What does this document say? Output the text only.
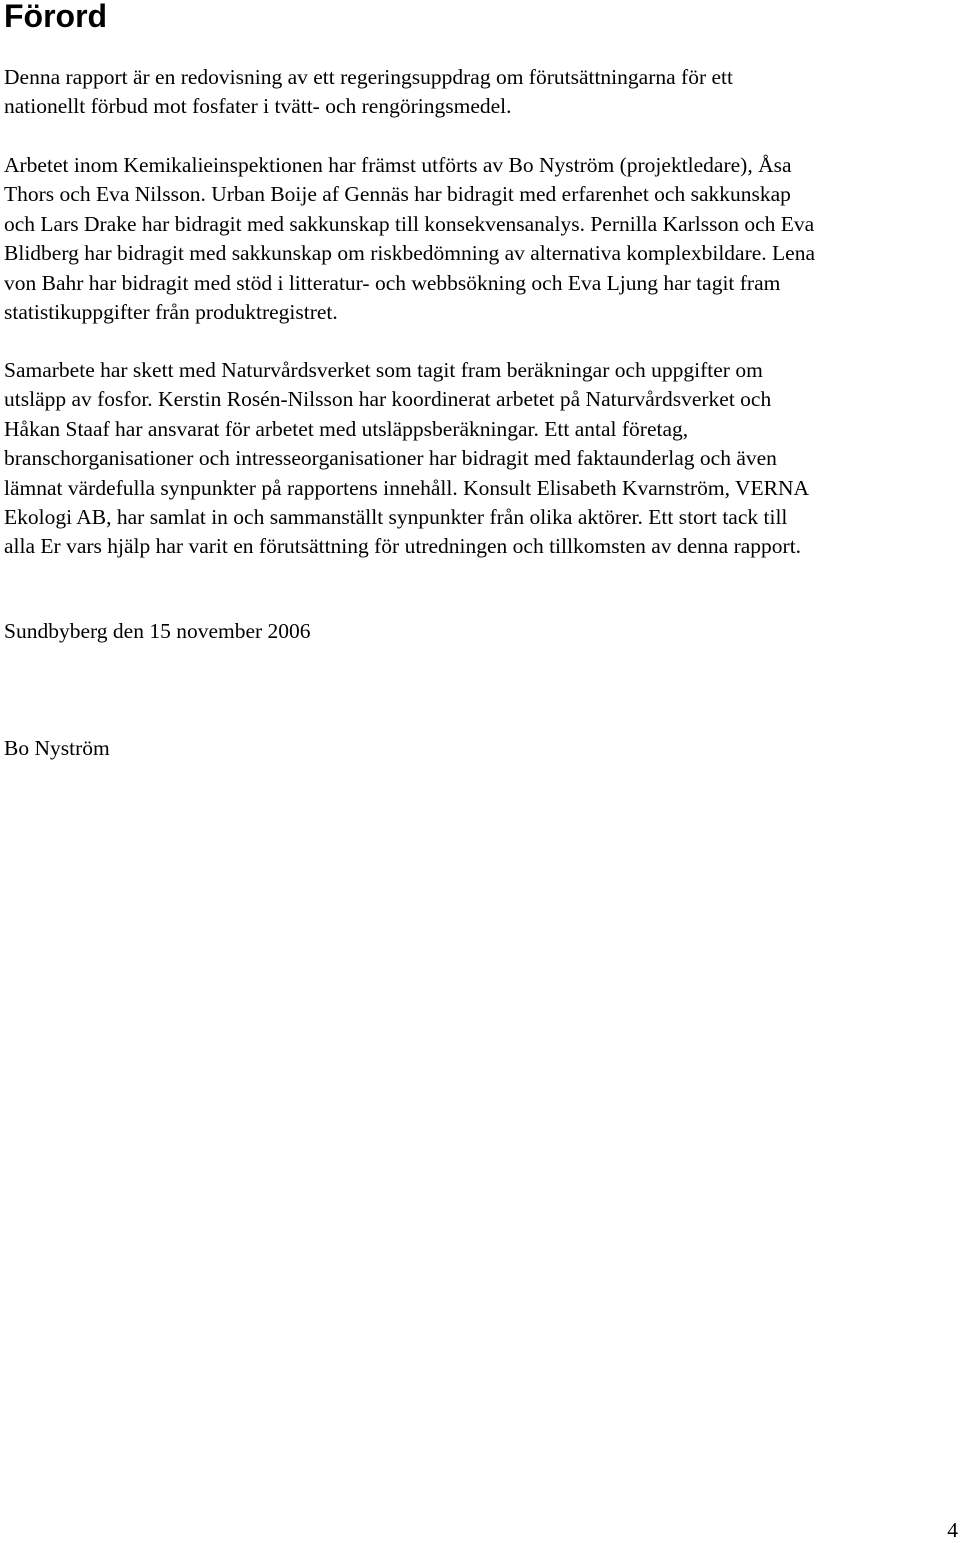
Förord

Denna rapport är en redovisning av ett regeringsuppdrag om förutsättningarna för ett
nationellt förbud mot fosfater i tvätt- och rengöringsmedel.

Arbetet inom Kemikalieinspektionen har främst utförts av Bo Nyström (projektledare), Åsa
Thors och Eva Nilsson. Urban Boije af Gennäs har bidragit med erfarenhet och sakkunskap
och Lars Drake har bidragit med sakkunskap till konsekvensanalys. Pernilla Karlsson och Eva
Blidberg har bidragit med sakkunskap om riskbedömning av alternativa komplexbildare. Lena
von Bahr har bidragit med stöd i litteratur- och webbsökning och Eva Ljung har tagit fram
statistikuppgifter från produktregistret.

Samarbete har skett med Naturvårdsverket som tagit fram beräkningar och uppgifter om
utsläpp av fosfor. Kerstin Rosén-Nilsson har koordinerat arbetet på Naturvårdsverket och
Håkan Staaf har ansvarat för arbetet med utsläppsberäkningar. Ett antal företag,
branschorganisationer och intresseorganisationer har bidragit med faktaunderlag och även
lämnat värdefulla synpunkter på rapportens innehåll. Konsult Elisabeth Kvarnström, VERNA
Ekologi AB, har samlat in och sammanställt synpunkter från olika aktörer. Ett stort tack till
alla Er vars hjälp har varit en förutsättning för utredningen och tillkomsten av denna rapport.

Sundbyberg den 15 november 2006

Bo Nyström

4
